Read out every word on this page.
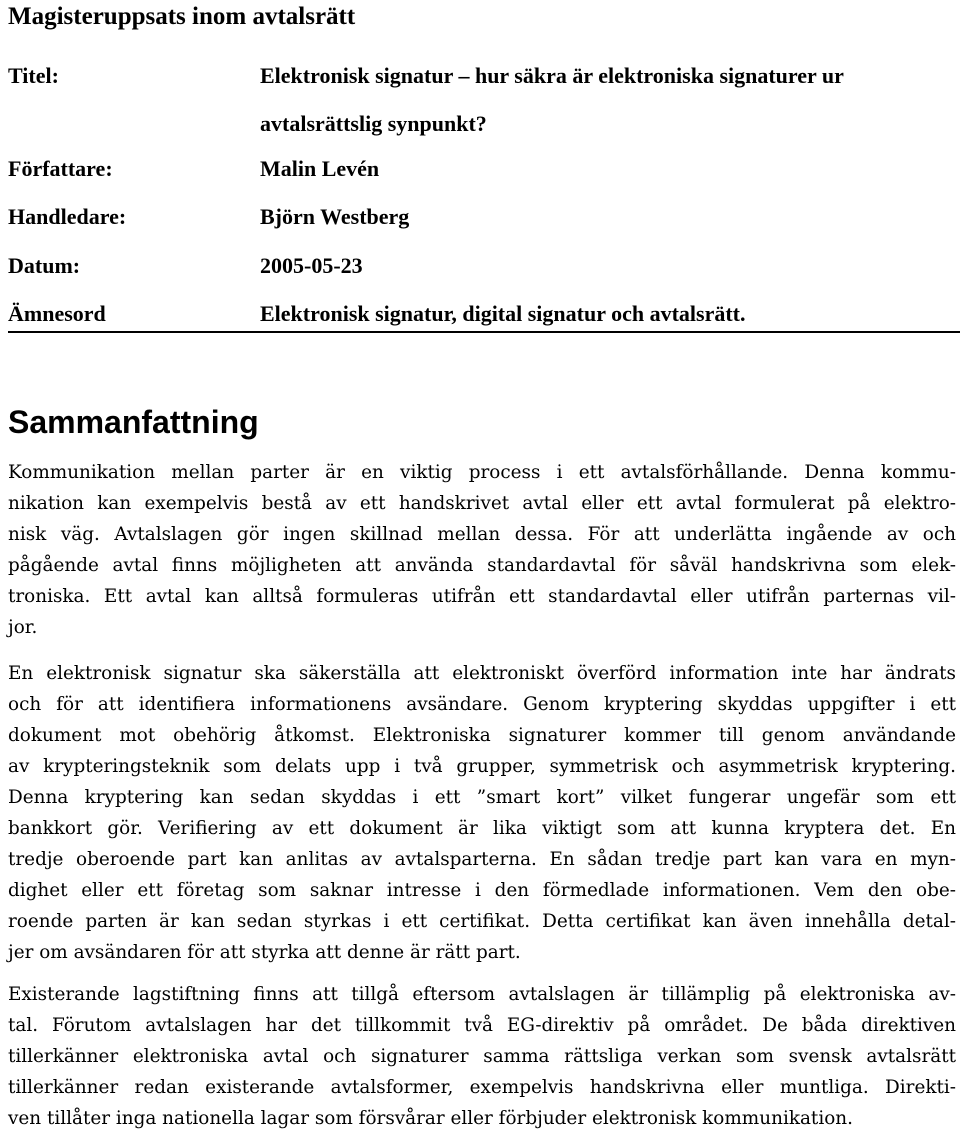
Magisteruppsats inom avtalsrätt
Titel:	Elektronisk signatur – hur säkra är elektroniska signaturer ur
avtalsrättslig synpunkt?
Författare:	Malin Levén
Handledare:	Björn Westberg
Datum:	2005-05-23
Ämnesord	Elektronisk signatur, digital signatur och avtalsrätt.
Sammanfattning
Kommunikation mellan parter är en viktig process i ett avtalsförhållande. Denna kommu-
nikation kan exempelvis bestå av ett handskrivet avtal eller ett avtal formulerat på elektro-
nisk väg. Avtalslagen gör ingen skillnad mellan dessa. För att underlätta ingående av och
pågående avtal finns möjligheten att använda standardavtal för såväl handskrivna som elek-
troniska. Ett avtal kan alltså formuleras utifrån ett standardavtal eller utifrån parternas vil-
jor.
En elektronisk signatur ska säkerställa att elektroniskt överförd information inte har ändrats
och för att identifiera informationens avsändare. Genom kryptering skyddas uppgifter i ett
dokument mot obehörig åtkomst. Elektroniska signaturer kommer till genom användande
av krypteringsteknik som delats upp i två grupper, symmetrisk och asymmetrisk kryptering.
Denna kryptering kan sedan skyddas i ett ”smart kort” vilket fungerar ungefär som ett
bankkort gör. Verifiering av ett dokument är lika viktigt som att kunna kryptera det. En
tredje oberoende part kan anlitas av avtalsparterna. En sådan tredje part kan vara en myn-
dighet eller ett företag som saknar intresse i den förmedlade informationen. Vem den obe-
roende parten är kan sedan styrkas i ett certifikat. Detta certifikat kan även innehålla detal-
jer om avsändaren för att styrka att denne är rätt part.
Existerande lagstiftning finns att tillgå eftersom avtalslagen är tillämplig på elektroniska av-
tal. Förutom avtalslagen har det tillkommit två EG-direktiv på området. De båda direktiven
tillerkänner elektroniska avtal och signaturer samma rättsliga verkan som svensk avtalsrätt
tillerkänner redan existerande avtalsformer, exempelvis handskrivna eller muntliga. Direkti-
ven tillåter inga nationella lagar som försvårar eller förbjuder elektronisk kommunikation.
